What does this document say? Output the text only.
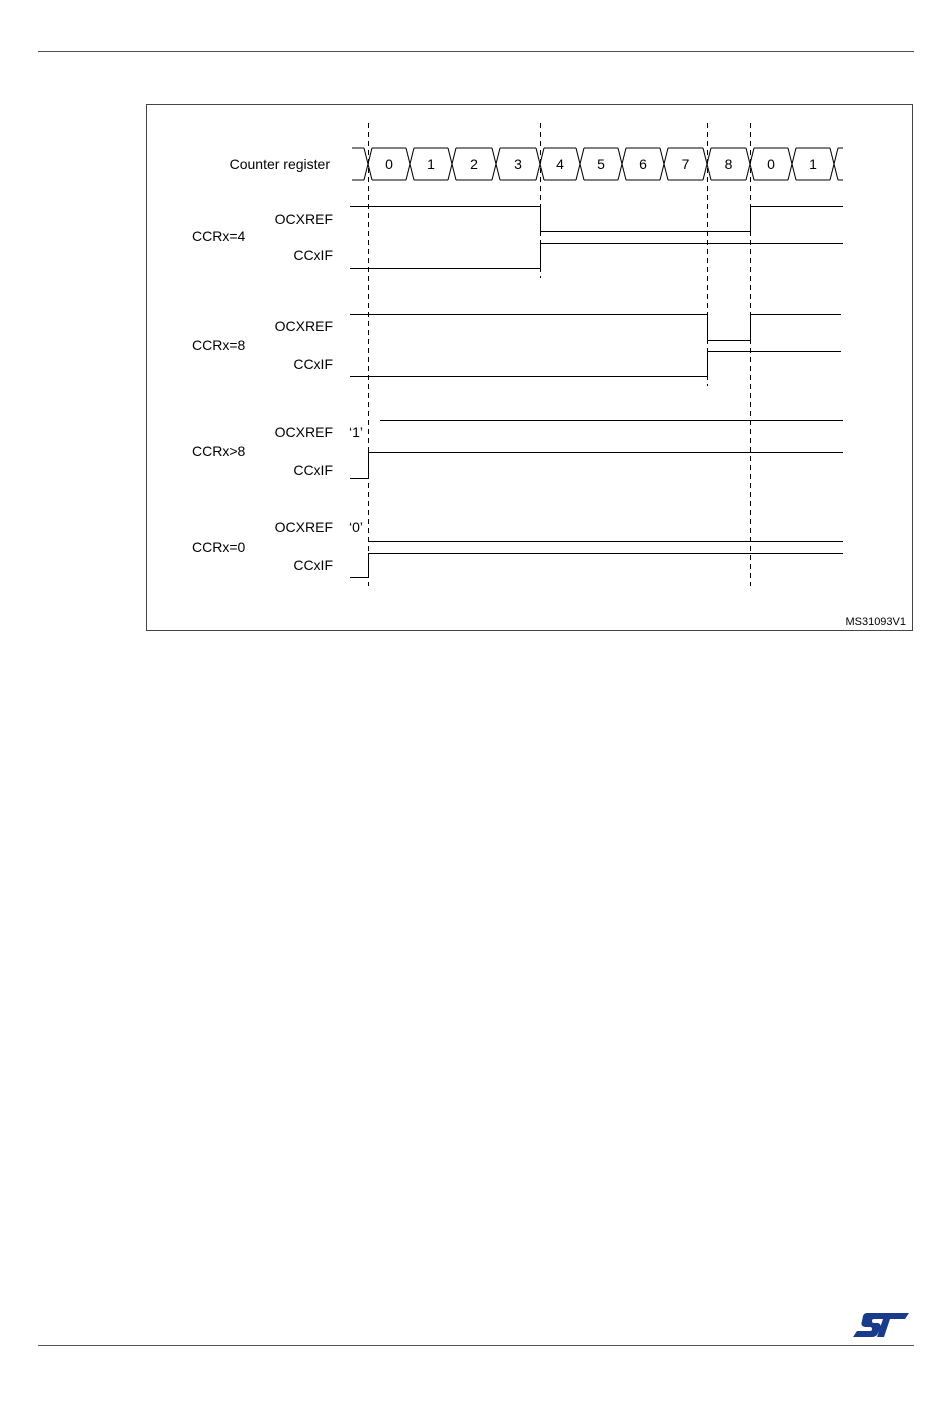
0 1	2	3 4 5 6 7	8 0 1
Counter register
CCRx=4
OCXREF
CCxIF
CCRx=8
OCXREF
CCxIF
CCRx>8
OCXREF
CCxIF
‘1’
CCRx=0
OCXREF
CCxIF
‘0’
MS31093V1
